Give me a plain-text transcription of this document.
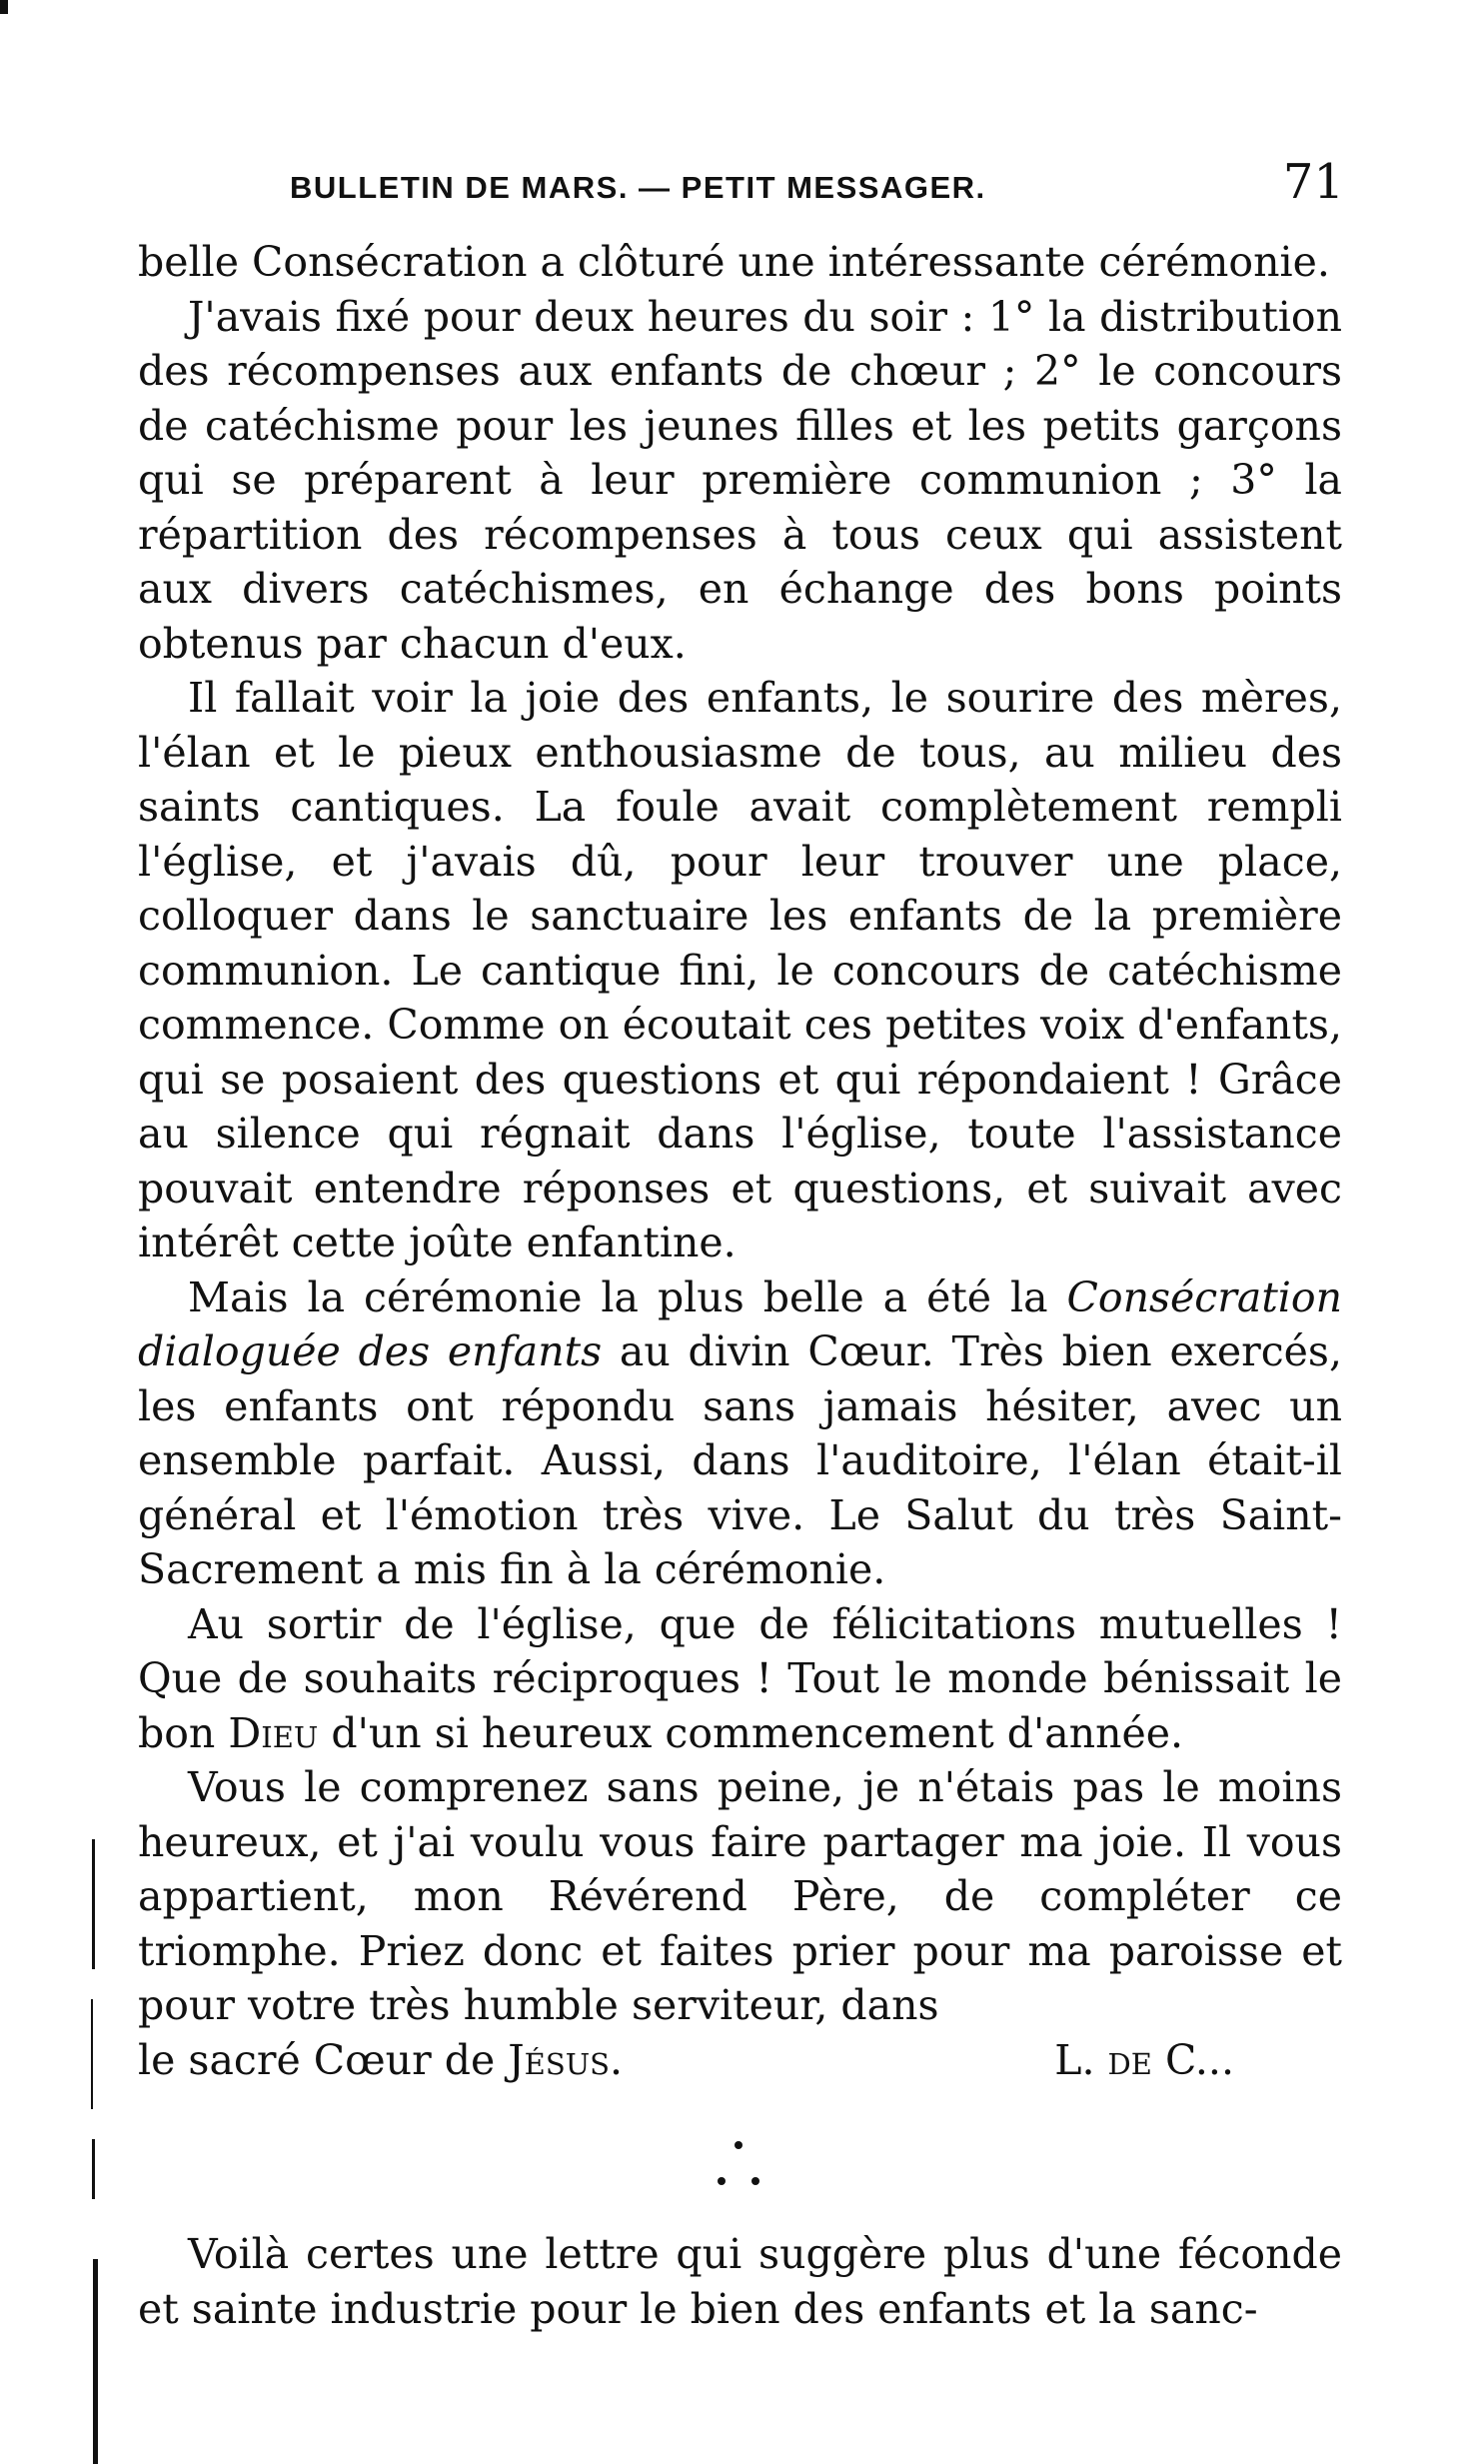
BULLETIN DE MARS. — PETIT MESSAGER.	71

belle Consécration a clôturé une intéressante cérémonie.

J'avais fixé pour deux heures du soir : 1° la distribution des récompenses aux enfants de chœur ; 2° le concours de catéchisme pour les jeunes filles et les petits garçons qui se préparent à leur première communion ; 3° la répartition des récompenses à tous ceux qui assistent aux divers catéchismes, en échange des bons points obtenus par chacun d'eux.

Il fallait voir la joie des enfants, le sourire des mères, l'élan et le pieux enthousiasme de tous, au milieu des saints cantiques. La foule avait complètement rempli l'église, et j'avais dû, pour leur trouver une place, colloquer dans le sanctuaire les enfants de la première communion. Le cantique fini, le concours de catéchisme commence. Comme on écoutait ces petites voix d'enfants, qui se posaient des questions et qui répondaient ! Grâce au silence qui régnait dans l'église, toute l'assistance pouvait entendre réponses et questions, et suivait avec intérêt cette joûte enfantine.

Mais la cérémonie la plus belle a été la Consécration dialoguée des enfants au divin Cœur. Très bien exercés, les enfants ont répondu sans jamais hésiter, avec un ensemble parfait. Aussi, dans l'auditoire, l'élan était-il général et l'émotion très vive. Le Salut du très Saint-Sacrement a mis fin à la cérémonie.

Au sortir de l'église, que de félicitations mutuelles ! Que de souhaits réciproques ! Tout le monde bénissait le bon Dieu d'un si heureux commencement d'année.

Vous le comprenez sans peine, je n'étais pas le moins heureux, et j'ai voulu vous faire partager ma joie. Il vous appartient, mon Révérend Père, de compléter ce triomphe. Priez donc et faites prier pour ma paroisse et pour votre très humble serviteur, dans

le sacré Cœur de Jésus.	L. de C...

Voilà certes une lettre qui suggère plus d'une féconde et sainte industrie pour le bien des enfants et la sanc-
